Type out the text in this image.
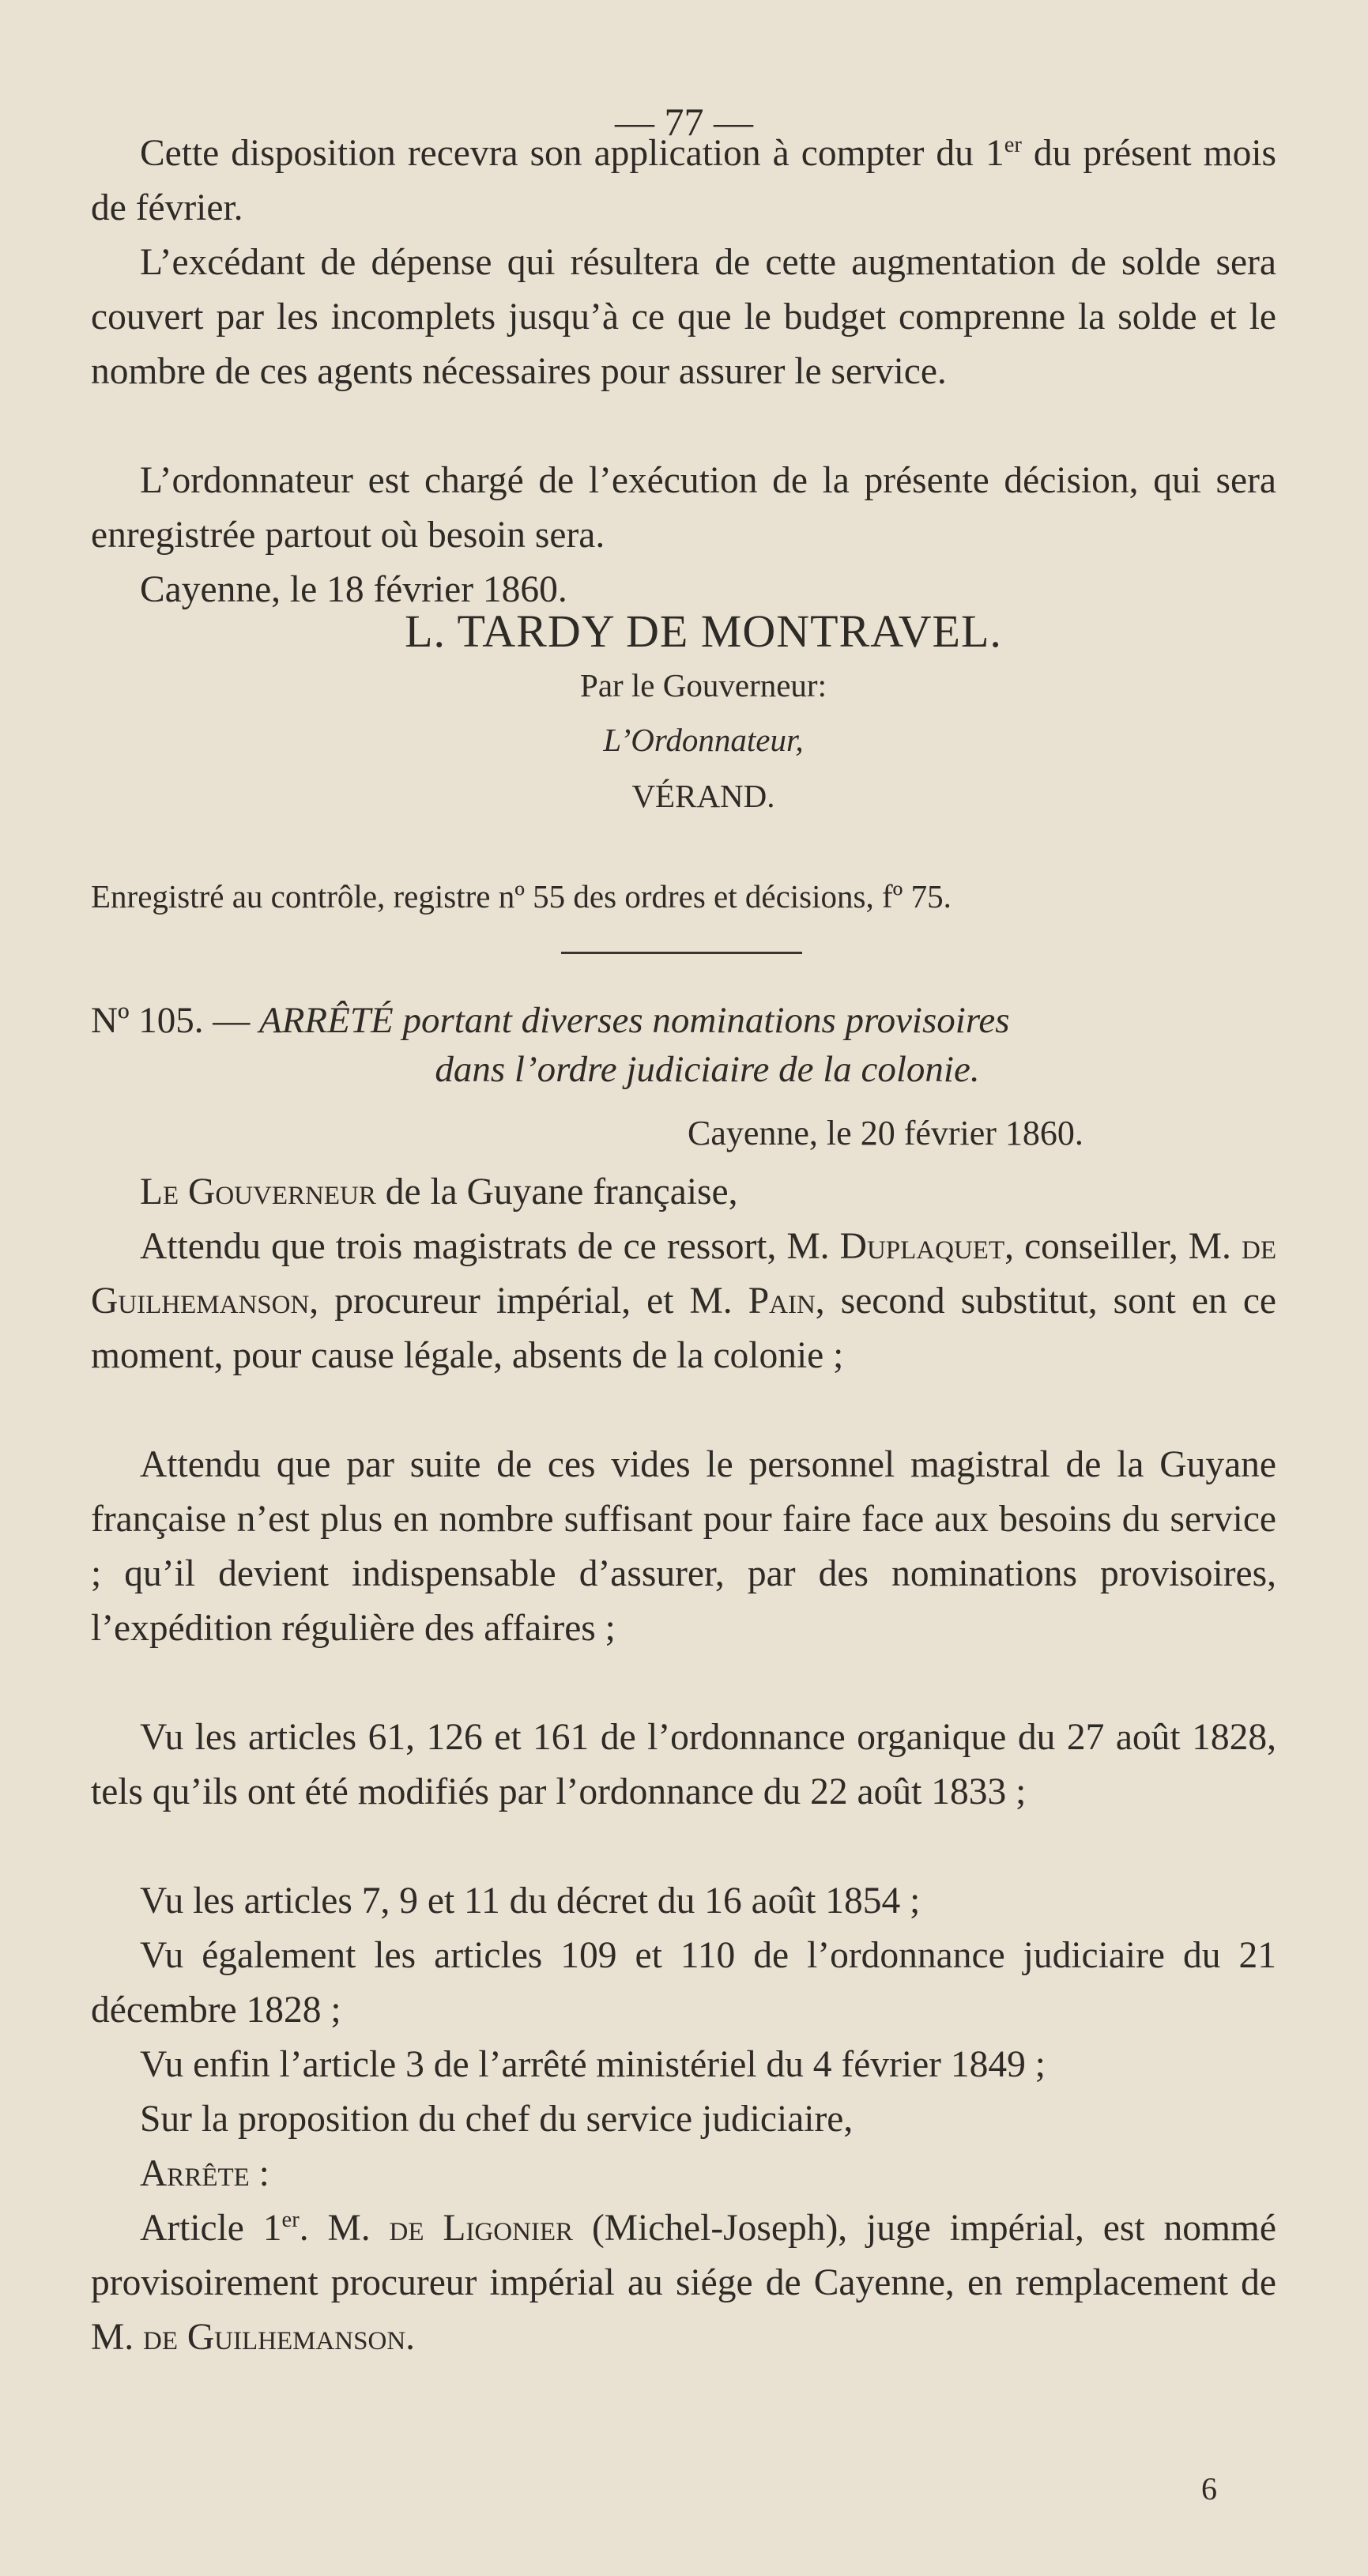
— 77 —

Cette disposition recevra son application à compter du 1er du présent mois de février.

L’excédant de dépense qui résultera de cette augmentation de solde sera couvert par les incomplets jusqu’à ce que le budget comprenne la solde et le nombre de ces agents nécessaires pour assurer le service.

L’ordonnateur est chargé de l’exécution de la présente décision, qui sera enregistrée partout où besoin sera.

Cayenne, le 18 février 1860.

L. TARDY DE MONTRAVEL.
Par le Gouverneur:
L’Ordonnateur,
VÉRAND.
Enregistré au contrôle, registre nº 55 des ordres et décisions, fº 75.
Nº 105. — ARRÊTÉ portant diverses nominations provisoires
dans l’ordre judiciaire de la colonie.
Cayenne, le 20 février 1860.

Le Gouverneur de la Guyane française,

Attendu que trois magistrats de ce ressort, M. Duplaquet, conseiller, M. de Guilhemanson, procureur impérial, et M. Pain, second substitut, sont en ce moment, pour cause légale, absents de la colonie ;

Attendu que par suite de ces vides le personnel magistral de la Guyane française n’est plus en nombre suffisant pour faire face aux besoins du service ; qu’il devient indispensable d’assurer, par des nominations provisoires, l’expédition régulière des affaires ;

Vu les articles 61, 126 et 161 de l’ordonnance organique du 27 août 1828, tels qu’ils ont été modifiés par l’ordonnance du 22 août 1833 ;

Vu les articles 7, 9 et 11 du décret du 16 août 1854 ;

Vu également les articles 109 et 110 de l’ordonnance judiciaire du 21 décembre 1828 ;

Vu enfin l’article 3 de l’arrêté ministériel du 4 février 1849 ;

Sur la proposition du chef du service judiciaire,

Arrête :

Article 1er. M. de Ligonier (Michel-Joseph), juge impérial, est nommé provisoirement procureur impérial au siége de Cayenne, en remplacement de M. de Guilhemanson.

6
